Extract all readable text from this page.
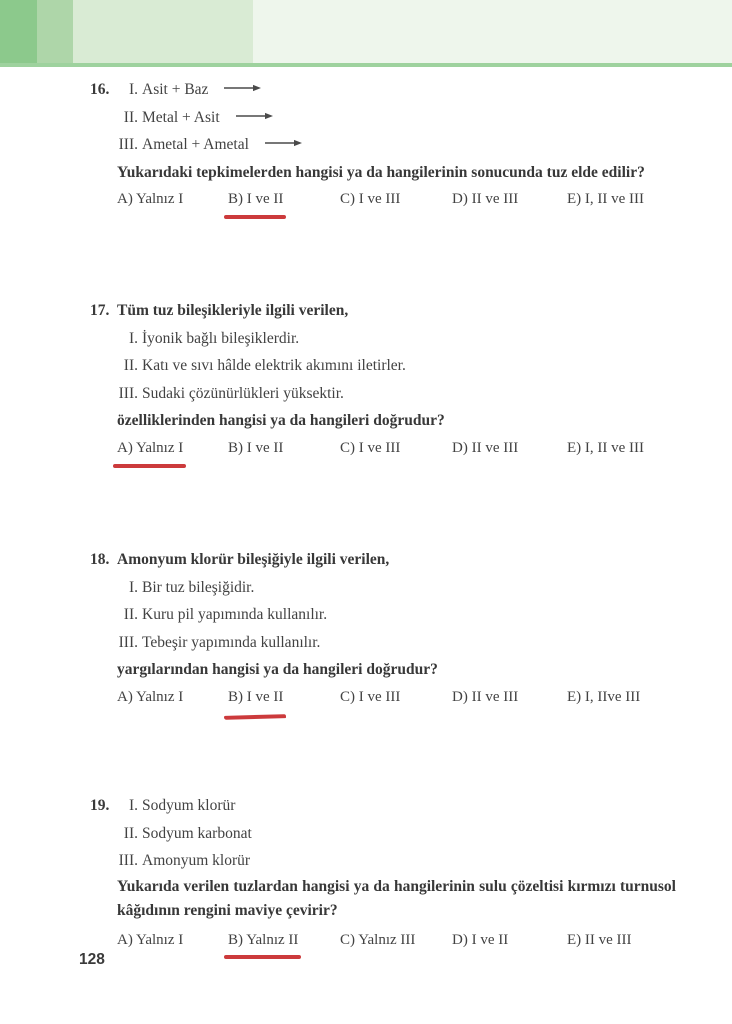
16. I. Asit + Baz →
II. Metal + Asit →
III. Ametal + Ametal →
Yukarıdaki tepkimelerden hangisi ya da hangilerinin sonucunda tuz elde edilir?
A) Yalnız I	B) I ve II	C) I ve III	D) II ve III	E) I, II ve III
17. Tüm tuz bileşikleriyle ilgili verilen,
I. İyonik bağlı bileşiklerdir.
II. Katı ve sıvı hâlde elektrik akımını iletirler.
III. Sudaki çözünürlükleri yüksektir.
özelliklerinden hangisi ya da hangileri doğrudur?
A) Yalnız I	B) I ve II	C) I ve III	D) II ve III	E) I, II ve III
18. Amonyum klorür bileşiğiyle ilgili verilen,
I. Bir tuz bileşiğidir.
II. Kuru pil yapımında kullanılır.
III. Tebeşir yapımında kullanılır.
yargılarından hangisi ya da hangileri doğrudur?
A) Yalnız I	B) I ve II	C) I ve III	D) II ve III	E) I, IIve III
19. I. Sodyum klorür
II. Sodyum karbonat
III. Amonyum klorür
Yukarıda verilen tuzlardan hangisi ya da hangilerinin sulu çözeltisi kırmızı turnusol
kâğıdının rengini maviye çevirir?
A) Yalnız I	B) Yalnız II	C) Yalnız III D) I ve II	E) II ve III
128
